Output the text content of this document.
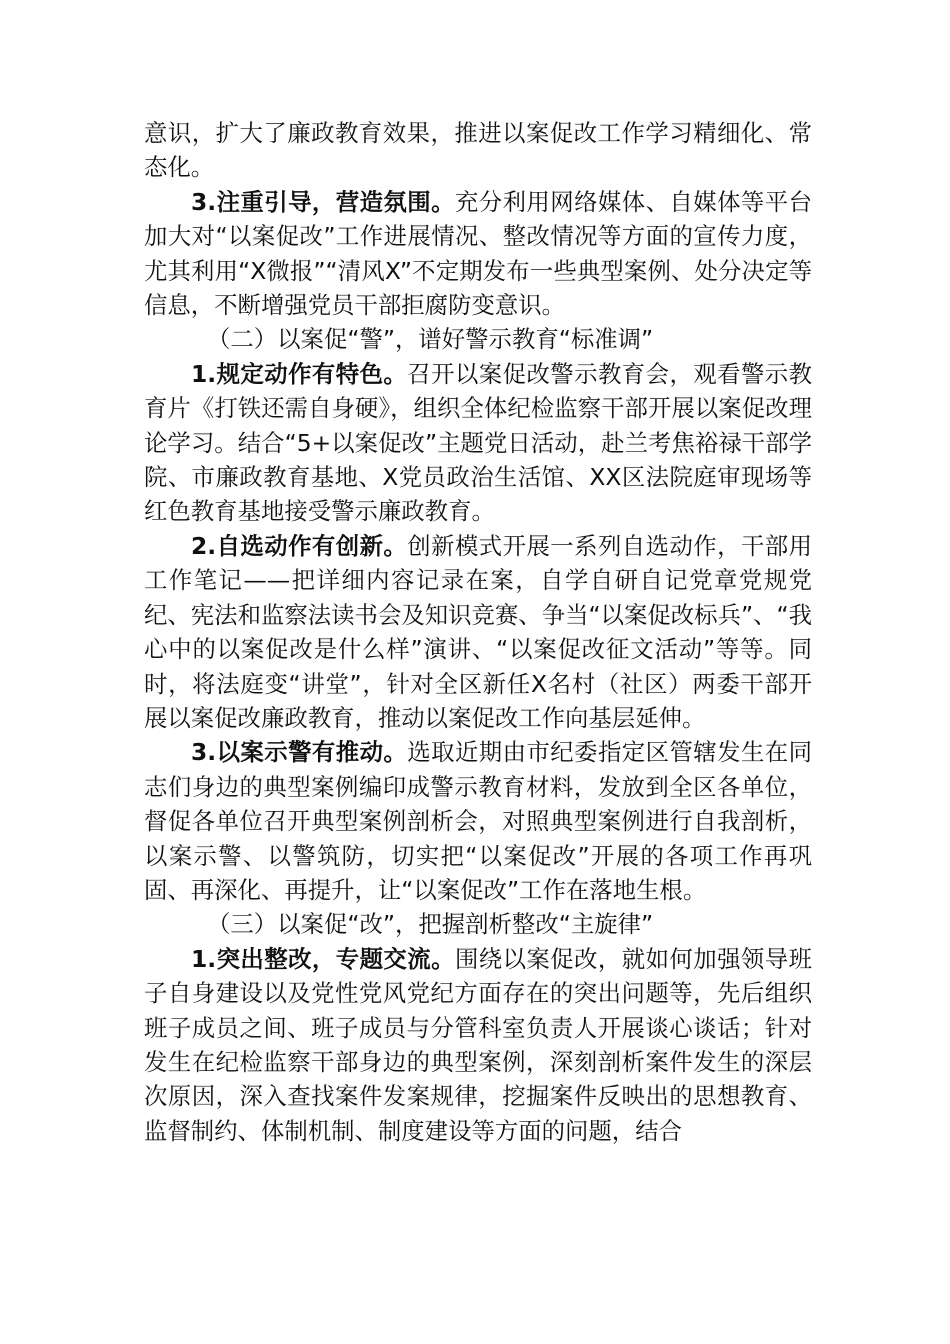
意识，扩大了廉政教育效果，推进以案促改工作学习精细化、常态化。

3.注重引导，营造氛围。充分利用网络媒体、自媒体等平台加大对“以案促改”工作进展情况、整改情况等方面的宣传力度，尤其利用“X微报”“清风X”不定期发布一些典型案例、处分决定等信息，不断增强党员干部拒腐防变意识。

（二）以案促“警”，谱好警示教育“标准调”

1.规定动作有特色。召开以案促改警示教育会，观看警示教育片《打铁还需自身硬》，组织全体纪检监察干部开展以案促改理论学习。结合“5+以案促改”主题党日活动，赴兰考焦裕禄干部学院、市廉政教育基地、X党员政治生活馆、XX区法院庭审现场等红色教育基地接受警示廉政教育。

2.自选动作有创新。创新模式开展一系列自选动作，干部用工作笔记——把详细内容记录在案，自学自研自记党章党规党纪、宪法和监察法读书会及知识竞赛、争当“以案促改标兵”、“我心中的以案促改是什么样”演讲、“以案促改征文活动”等等。同时，将法庭变“讲堂”，针对全区新任X名村（社区）两委干部开展以案促改廉政教育，推动以案促改工作向基层延伸。

3.以案示警有推动。选取近期由市纪委指定区管辖发生在同志们身边的典型案例编印成警示教育材料，发放到全区各单位，督促各单位召开典型案例剖析会，对照典型案例进行自我剖析，以案示警、以警筑防，切实把“以案促改”开展的各项工作再巩固、再深化、再提升，让“以案促改”工作在落地生根。

（三）以案促“改”，把握剖析整改“主旋律”

1.突出整改，专题交流。围绕以案促改，就如何加强领导班子自身建设以及党性党风党纪方面存在的突出问题等，先后组织班子成员之间、班子成员与分管科室负责人开展谈心谈话；针对发生在纪检监察干部身边的典型案例，深刻剖析案件发生的深层次原因，深入查找案件发案规律，挖掘案件反映出的思想教育、监督制约、体制机制、制度建设等方面的问题，结合
